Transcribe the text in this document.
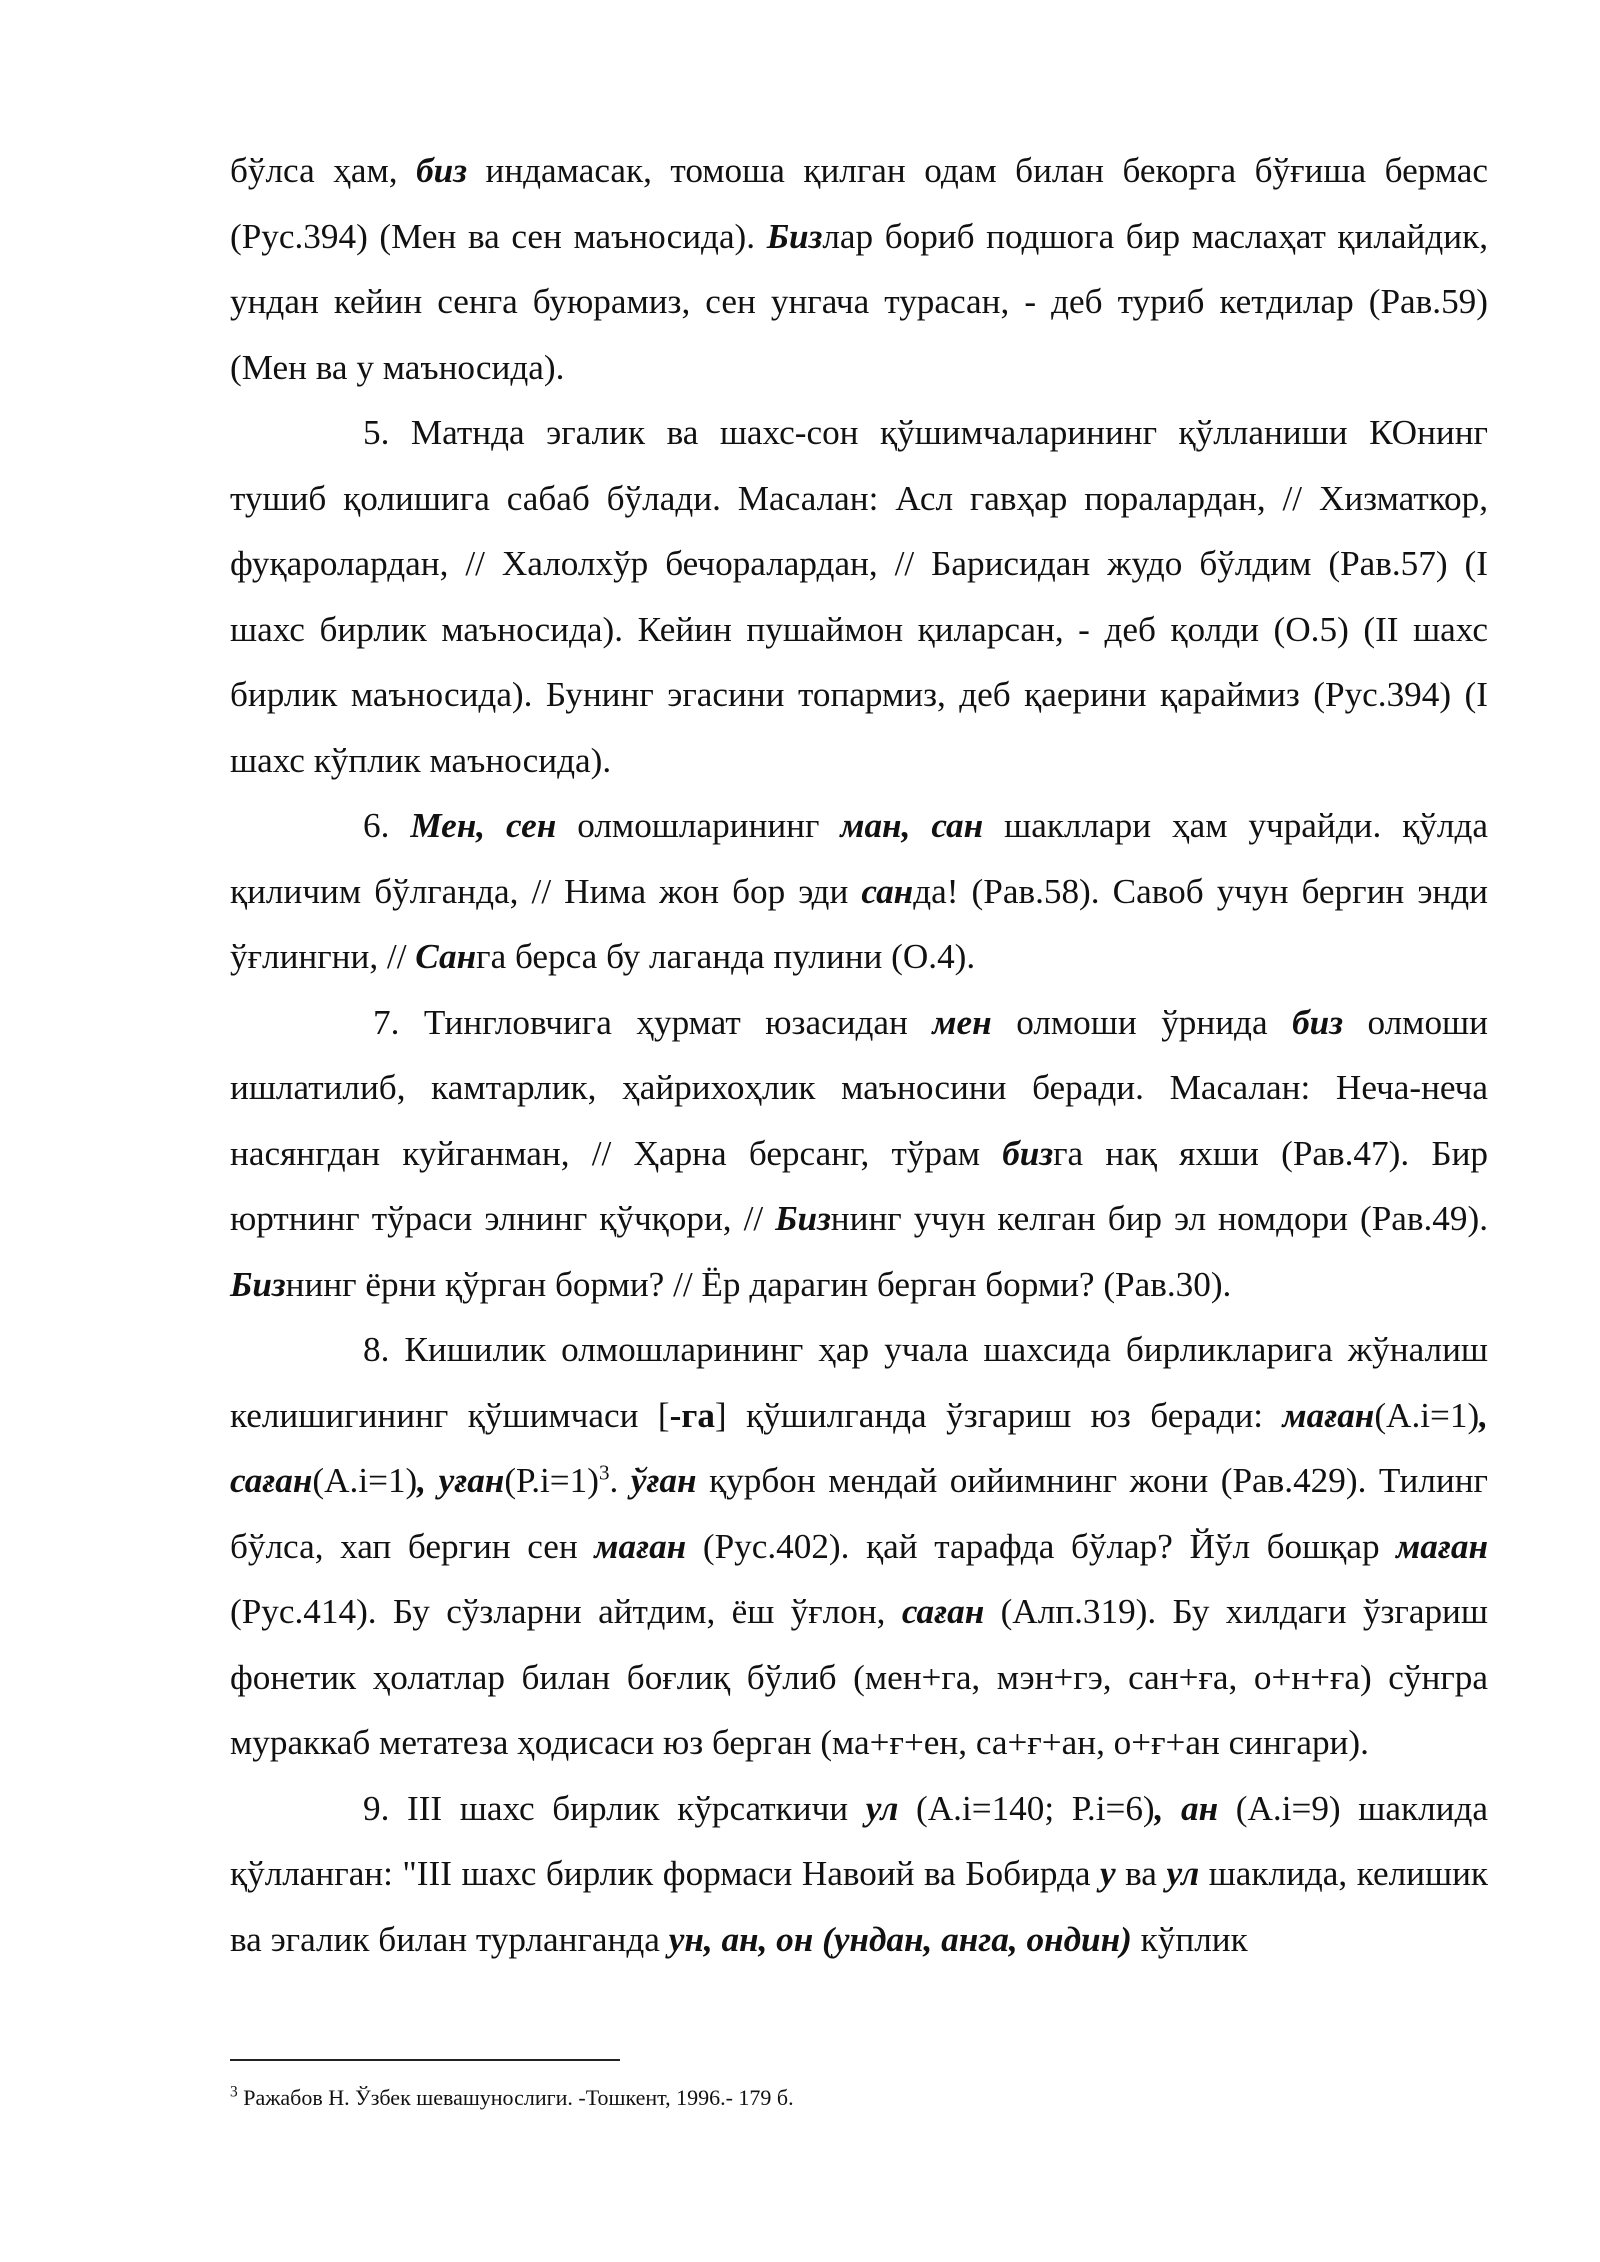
бўлса ҳам, биз индамасак, томоша қилган одам билан бекорга бўғиша бермас (Рус.394) (Мен ва сен маъносида). Бизлар бориб подшога бир маслаҳат қилайдик, ундан кейин сенга буюрамиз, сен унгача турасан, - деб туриб кетдилар (Рав.59) (Мен ва у маъносида).

5. Матнда эгалик ва шахс-сон қўшимчаларининг қўлланиши КОнинг тушиб қолишига сабаб бўлади. Масалан: Асл гавҳар поралардан, // Хизматкор, фуқаролардан, // Халолхўр бечоралардан, // Барисидан жудо бўлдим (Рав.57) (I шахс бирлик маъносида). Кейин пушаймон қиларсан, - деб қолди (О.5) (II шахс бирлик маъносида). Бунинг эгасини топармиз, деб қаерини қараймиз (Рус.394) (I шахс кўплик маъносида).

6. Мен, сен олмошларининг ман, сан шакллари ҳам учрайди. қўлда қиличим бўлганда, // Нима жон бор эди санда! (Рав.58). Савоб учун бергин энди ўғлингни, // Санга берса бу лаганда пулини (О.4).

7. Тингловчига ҳурмат юзасидан мен олмоши ўрнида биз олмоши ишлатилиб, камтарлик, ҳайрихоҳлик маъносини беради. Масалан: Неча-неча насянгдан куйганман, // Ҳарна берсанг, тўрам бизга нақ яхши (Рав.47). Бир юртнинг тўраси элнинг қўчқори, // Бизнинг учун келган бир эл номдори (Рав.49). Бизнинг ёрни қўрган борми? // Ёр дарагин берган борми? (Рав.30).

8. Кишилик олмошларининг ҳар учала шахсида бирликларига жўналиш келишигининг қўшимчаси [-га] қўшилганда ўзгариш юз беради: маған(А.і=1), саған(А.і=1), уған(Р.і=1)$^3$. ўған қурбон мендай оийимнинг жони (Рав.429). Тилинг бўлса, хап бергин сен маған (Рус.402). қай тарафда бўлар? Йўл бошқар маған (Рус.414). Бу сўзларни айтдим, ёш ўғлон, саған (Алп.319). Бу хилдаги ўзгариш фонетик ҳолатлар билан боғлиқ бўлиб (мен+га, мэн+гэ, сан+ға, о+н+ға) сўнгра мураккаб метатеза ҳодисаси юз берган (ма+ғ+ен, са+ғ+ан, о+ғ+ан сингари).

9. III шахс бирлик кўрсаткичи ул (А.і=140; Р.і=6), ан (А.і=9) шаклида қўлланган: "III шахс бирлик формаси Навоий ва Бобирда у ва ул шаклида, келишик ва эгалик билан турланганда ун, ан, он (ундан, анга, ондин) кўплик

$^3$ Ражабов Н. Ўзбек шевашунослиги. -Тошкент, 1996.- 179 б.
